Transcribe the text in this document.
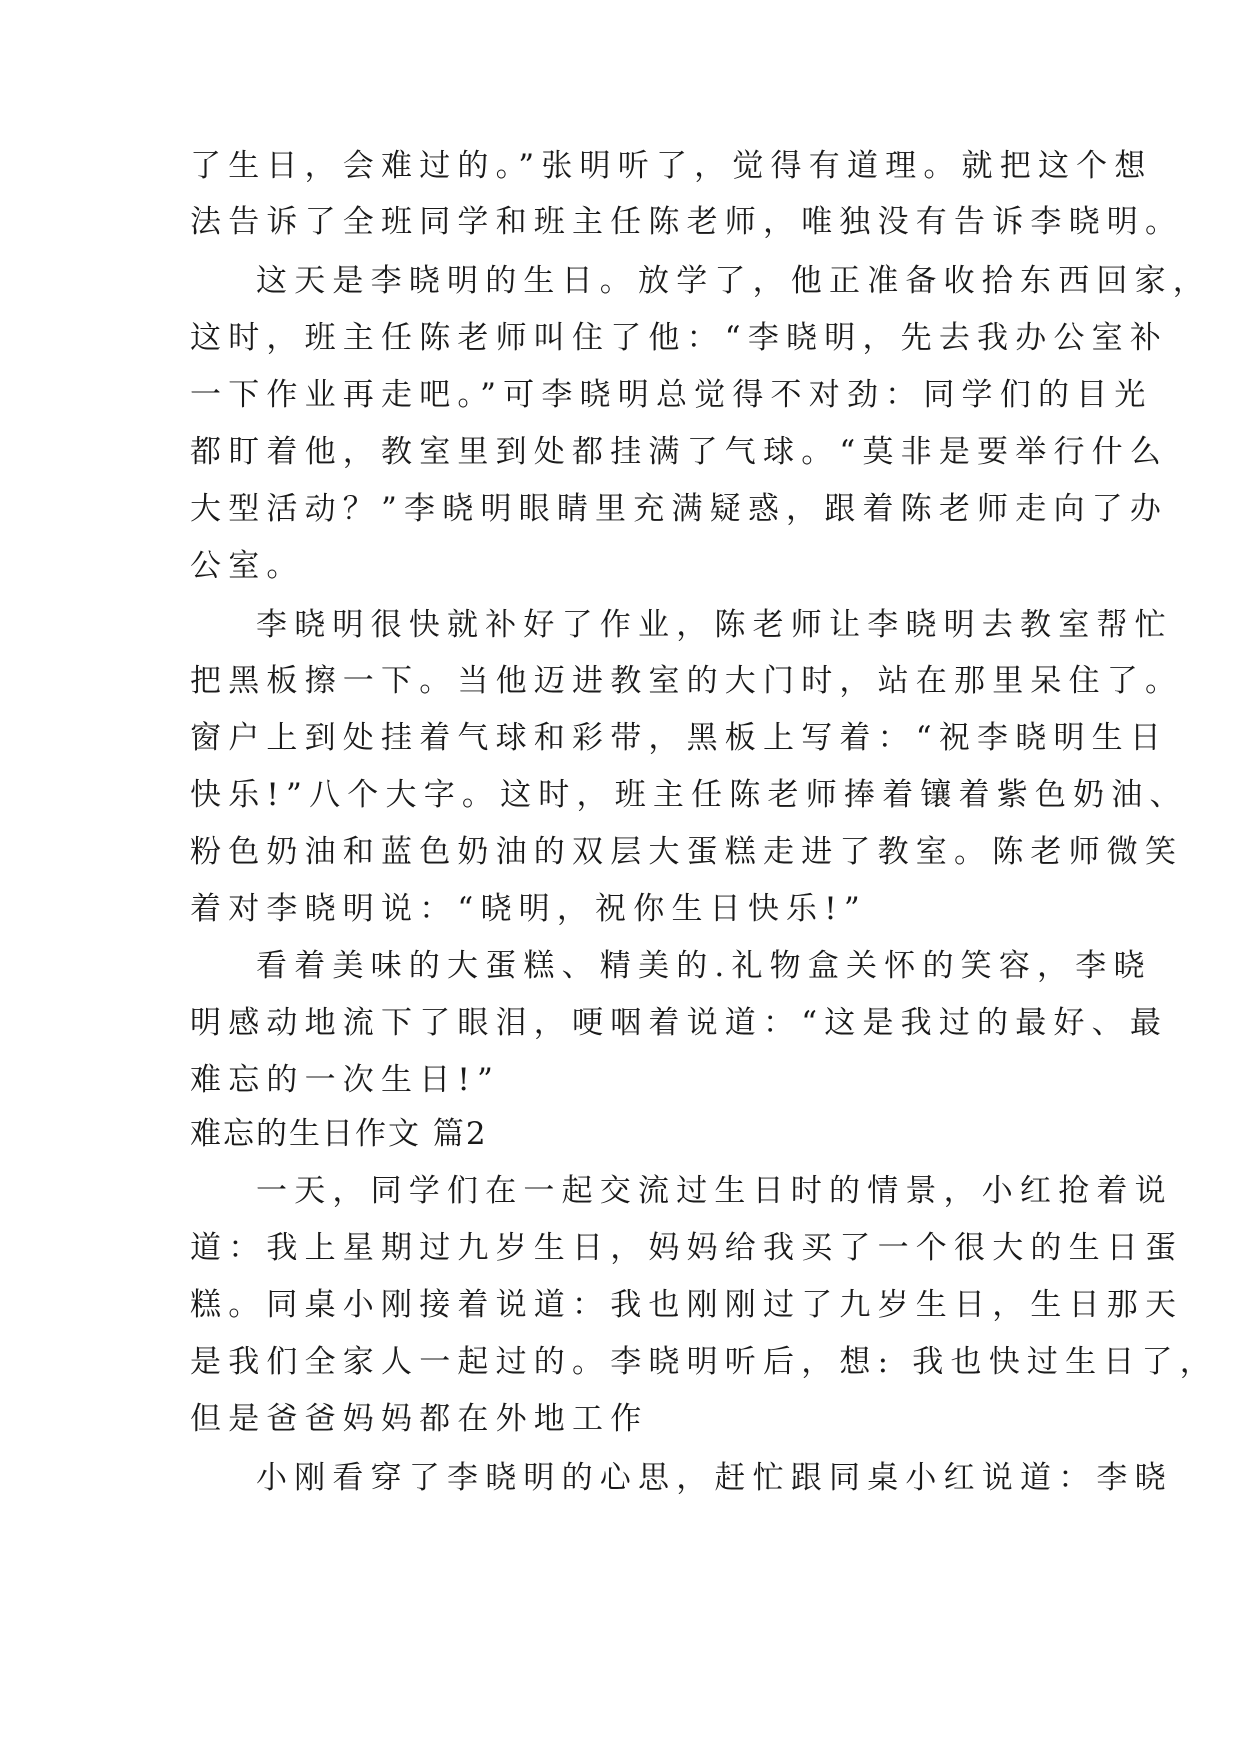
了生日，会难过的。”张明听了，觉得有道理。就把这个想
法告诉了全班同学和班主任陈老师，唯独没有告诉李晓明。
这天是李晓明的生日。放学了，他正准备收拾东西回家，
这时，班主任陈老师叫住了他：“李晓明，先去我办公室补
一下作业再走吧。”可李晓明总觉得不对劲：同学们的目光
都盯着他，教室里到处都挂满了气球。“莫非是要举行什么
大型活动？”李晓明眼睛里充满疑惑，跟着陈老师走向了办
公室。
李晓明很快就补好了作业，陈老师让李晓明去教室帮忙
把黑板擦一下。当他迈进教室的大门时，站在那里呆住了。
窗户上到处挂着气球和彩带，黑板上写着：“祝李晓明生日
快乐!”八个大字。这时，班主任陈老师捧着镶着紫色奶油、
粉色奶油和蓝色奶油的双层大蛋糕走进了教室。陈老师微笑
着对李晓明说：“晓明，祝你生日快乐!”
看着美味的大蛋糕、精美的.礼物盒关怀的笑容，李晓
明感动地流下了眼泪，哽咽着说道：“这是我过的最好、最
难忘的一次生日!”
难忘的生日作文 篇2
一天，同学们在一起交流过生日时的情景，小红抢着说
道：我上星期过九岁生日，妈妈给我买了一个很大的生日蛋
糕。同桌小刚接着说道：我也刚刚过了九岁生日，生日那天
是我们全家人一起过的。李晓明听后，想: 我也快过生日了，
但是爸爸妈妈都在外地工作
小刚看穿了李晓明的心思，赶忙跟同桌小红说道：李晓
